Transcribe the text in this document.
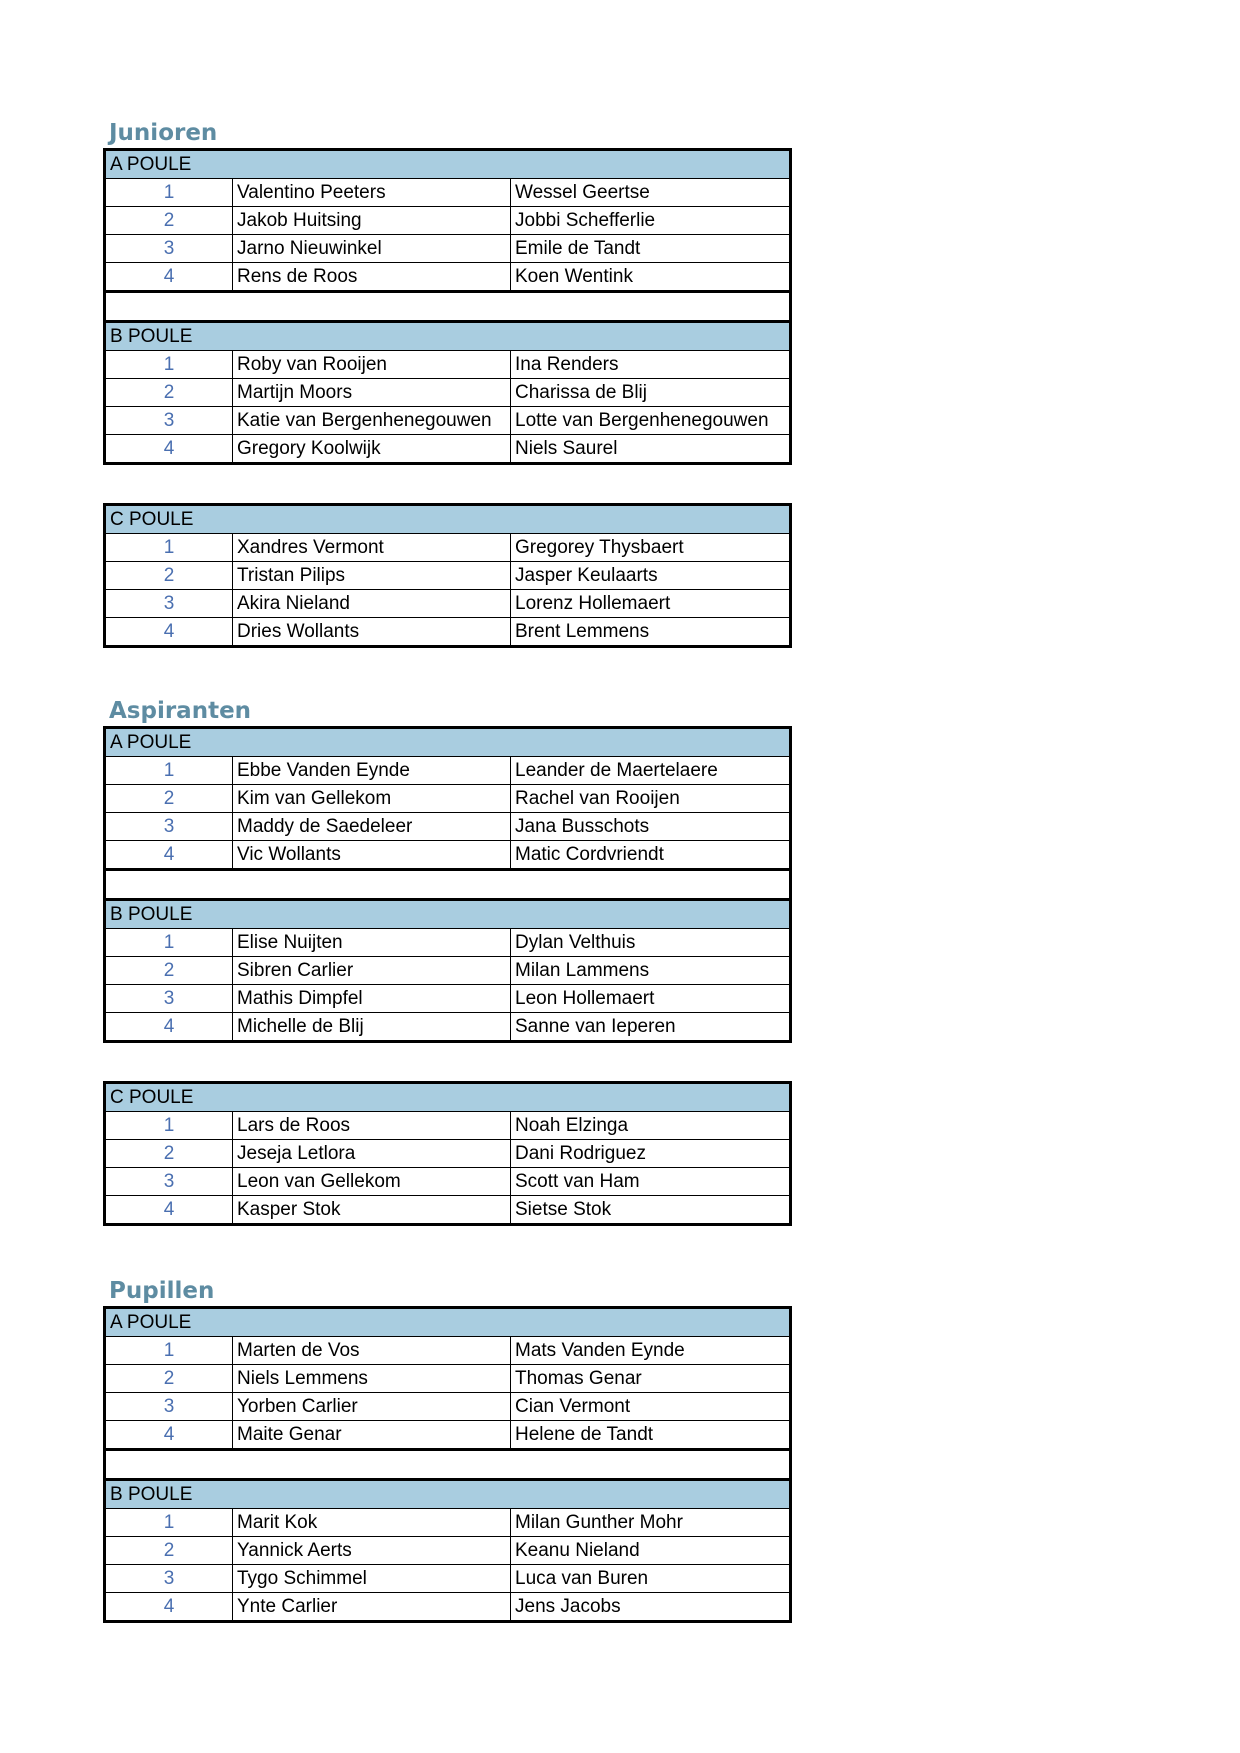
Junioren
A POULE		
1	Valentino Peeters	Wessel Geertse
2	Jakob Huitsing	Jobbi Schefferlie
3	Jarno Nieuwinkel	Emile de Tandt
4	Rens de Roos	Koen Wentink

B POULE		
1	Roby van Rooijen	Ina Renders
2	Martijn Moors	Charissa de Blij
3	Katie van Bergenhenegouwen	Lotte van Bergenhenegouwen
4	Gregory Koolwijk	Niels Saurel
C POULE		
1	Xandres Vermont	Gregorey Thysbaert
2	Tristan Pilips	Jasper Keulaarts
3	Akira Nieland	Lorenz Hollemaert
4	Dries Wollants	Brent Lemmens
Aspiranten
A POULE		
1	Ebbe Vanden Eynde	Leander de Maertelaere
2	Kim van Gellekom	Rachel van Rooijen
3	Maddy de Saedeleer	Jana Busschots
4	Vic Wollants	Matic Cordvriendt

B POULE		
1	Elise Nuijten	Dylan Velthuis
2	Sibren Carlier	Milan Lammens
3	Mathis Dimpfel	Leon Hollemaert
4	Michelle de Blij	Sanne van Ieperen
C POULE		
1	Lars de Roos	Noah Elzinga
2	Jeseja Letlora	Dani Rodriguez
3	Leon van Gellekom	Scott van Ham
4	Kasper Stok	Sietse Stok
Pupillen
A POULE		
1	Marten de Vos	Mats Vanden Eynde
2	Niels Lemmens	Thomas Genar
3	Yorben Carlier	Cian Vermont
4	Maite Genar	Helene de Tandt

B POULE		
1	Marit Kok	Milan Gunther Mohr
2	Yannick Aerts	Keanu Nieland
3	Tygo Schimmel	Luca van Buren
4	Ynte Carlier	Jens Jacobs
